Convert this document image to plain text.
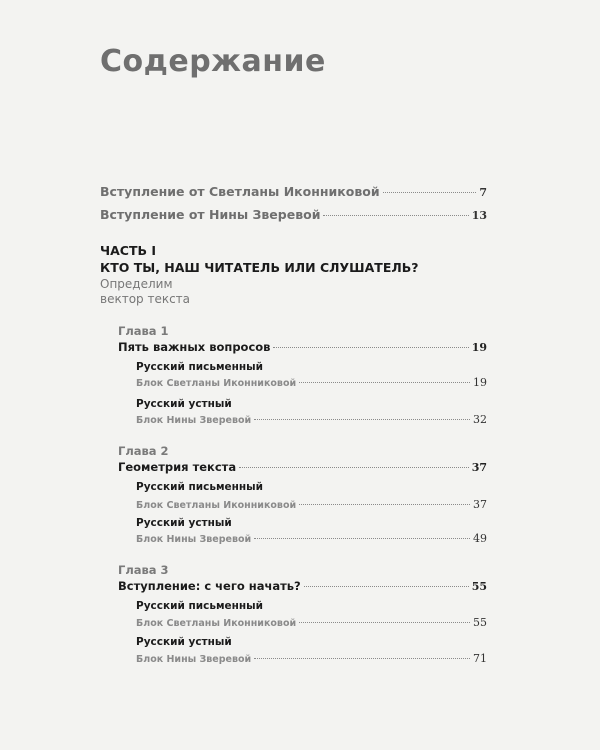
Содержание
Вступление от Светланы Иконниковой	7
Вступление от Нины Зверевой	13
ЧАСТЬ I
КТО ТЫ, НАШ ЧИТАТЕЛЬ ИЛИ СЛУШАТЕЛЬ?
Определим
вектор текста
Глава 1
Пять важных вопросов	19
Русский письменный
Блок Светланы Иконниковой	19
Русский устный
Блок Нины Зверевой	32
Глава 2
Геометрия текста	37
Русский письменный
Блок Светланы Иконниковой	37
Русский устный
Блок Нины Зверевой	49
Глава 3
Вступление: с чего начать?	55
Русский письменный
Блок Светланы Иконниковой	55
Русский устный
Блок Нины Зверевой	71
